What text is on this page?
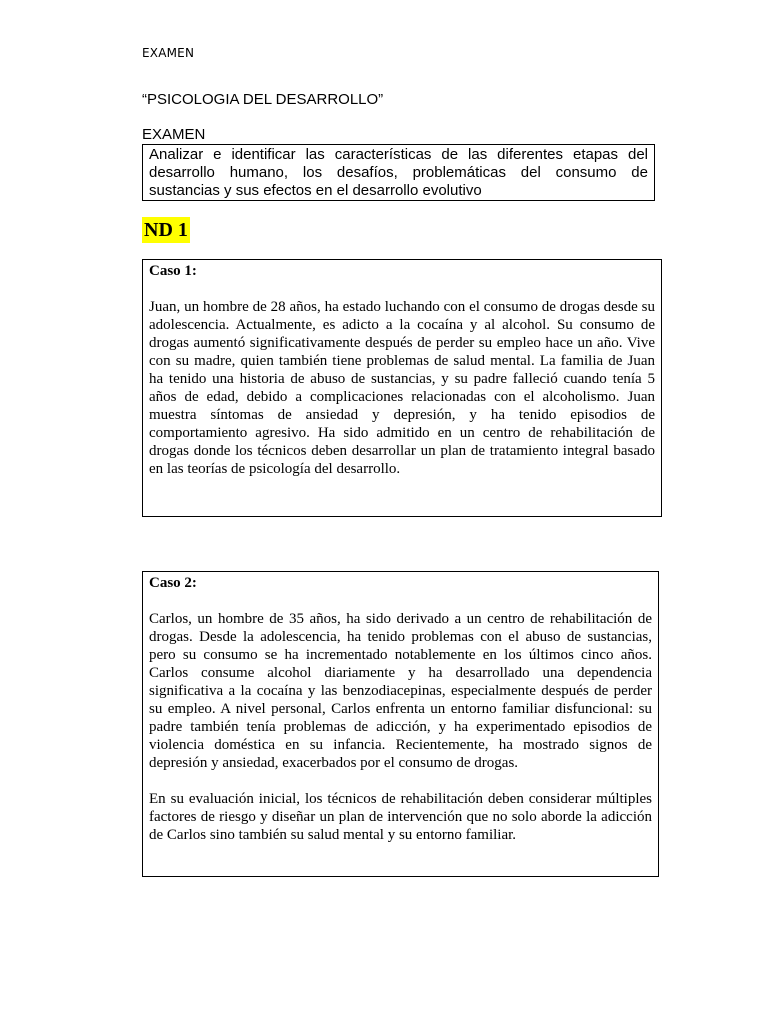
EXAMEN
“PSICOLOGIA DEL DESARROLLO”
EXAMEN
Analizar e identificar las características de las diferentes etapas del desarrollo humano, los desafíos, problemáticas del consumo de sustancias y sus efectos en el desarrollo evolutivo
ND 1

Caso 1:

Juan, un hombre de 28 años, ha estado luchando con el consumo de drogas desde su adolescencia. Actualmente, es adicto a la cocaína y al alcohol. Su consumo de drogas aumentó significativamente después de perder su empleo hace un año. Vive con su madre, quien también tiene problemas de salud mental. La familia de Juan ha tenido una historia de abuso de sustancias, y su padre falleció cuando tenía 5 años de edad, debido a complicaciones relacionadas con el alcoholismo. Juan muestra síntomas de ansiedad y depresión, y ha tenido episodios de comportamiento agresivo. Ha sido admitido en un centro de rehabilitación de drogas donde los técnicos deben desarrollar un plan de tratamiento integral basado en las teorías de psicología del desarrollo.

Caso 2:

Carlos, un hombre de 35 años, ha sido derivado a un centro de rehabilitación de drogas. Desde la adolescencia, ha tenido problemas con el abuso de sustancias, pero su consumo se ha incrementado notablemente en los últimos cinco años. Carlos consume alcohol diariamente y ha desarrollado una dependencia significativa a la cocaína y las benzodiacepinas, especialmente después de perder su empleo. A nivel personal, Carlos enfrenta un entorno familiar disfuncional: su padre también tenía problemas de adicción, y ha experimentado episodios de violencia doméstica en su infancia. Recientemente, ha mostrado signos de depresión y ansiedad, exacerbados por el consumo de drogas.

En su evaluación inicial, los técnicos de rehabilitación deben considerar múltiples factores de riesgo y diseñar un plan de intervención que no solo aborde la adicción de Carlos sino también su salud mental y su entorno familiar.
